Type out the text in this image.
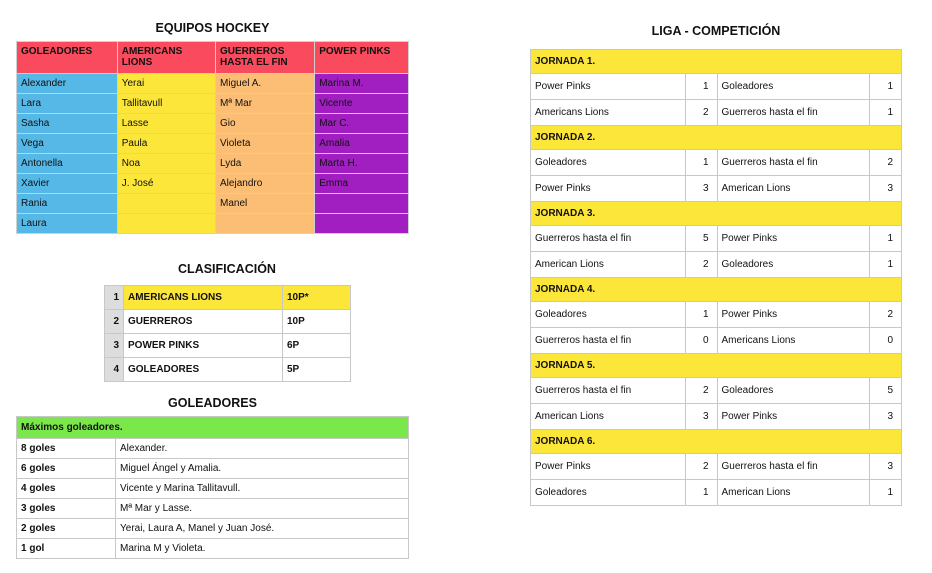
EQUIPOS HOCKEY
GOLEADORES	AMERICANS LIONS	GUERREROS HASTA EL FIN	POWER PINKS
Alexander	Yerai	Miguel A.	Marina M.
Lara	Tallitavull	Mª Mar	Vicente
Sasha	Lasse	Gio	Mar C.
Vega	Paula	Violeta	Amalia
Antonella	Noa	Lyda	Marta H.
Xavier	J. José	Alejandro	Emma
Rania		Manel	
Laura			
CLASIFICACIÓN
1	AMERICANS LIONS	10P*
2	GUERREROS	10P
3	POWER PINKS	6P
4	GOLEADORES	5P
GOLEADORES
Máximos goleadores.	
8 goles	Alexander.
6 goles	Miguel Ángel y Amalia.
4 goles	Vicente y Marina Tallitavull.
3 goles	Mª Mar y Lasse.
2 goles	Yerai, Laura A, Manel y Juan José.
1 gol	Marina M y Violeta.
LIGA - COMPETICIÓN
JORNADA 1.			
Power Pinks	1	Goleadores	1
Americans Lions	2	Guerreros hasta el fin	1
JORNADA 2.			
Goleadores	1	Guerreros hasta el fin	2
Power Pinks	3	American Lions	3
JORNADA 3.			
Guerreros hasta el fin	5	Power Pinks	1
American Lions	2	Goleadores	1
JORNADA 4.			
Goleadores	1	Power Pinks	2
Guerreros hasta el fin	0	Americans Lions	0
JORNADA 5.			
Guerreros hasta el fin	2	Goleadores	5
American Lions	3	Power Pinks	3
JORNADA 6.			
Power Pinks	2	Guerreros hasta el fin	3
Goleadores	1	American Lions	1
